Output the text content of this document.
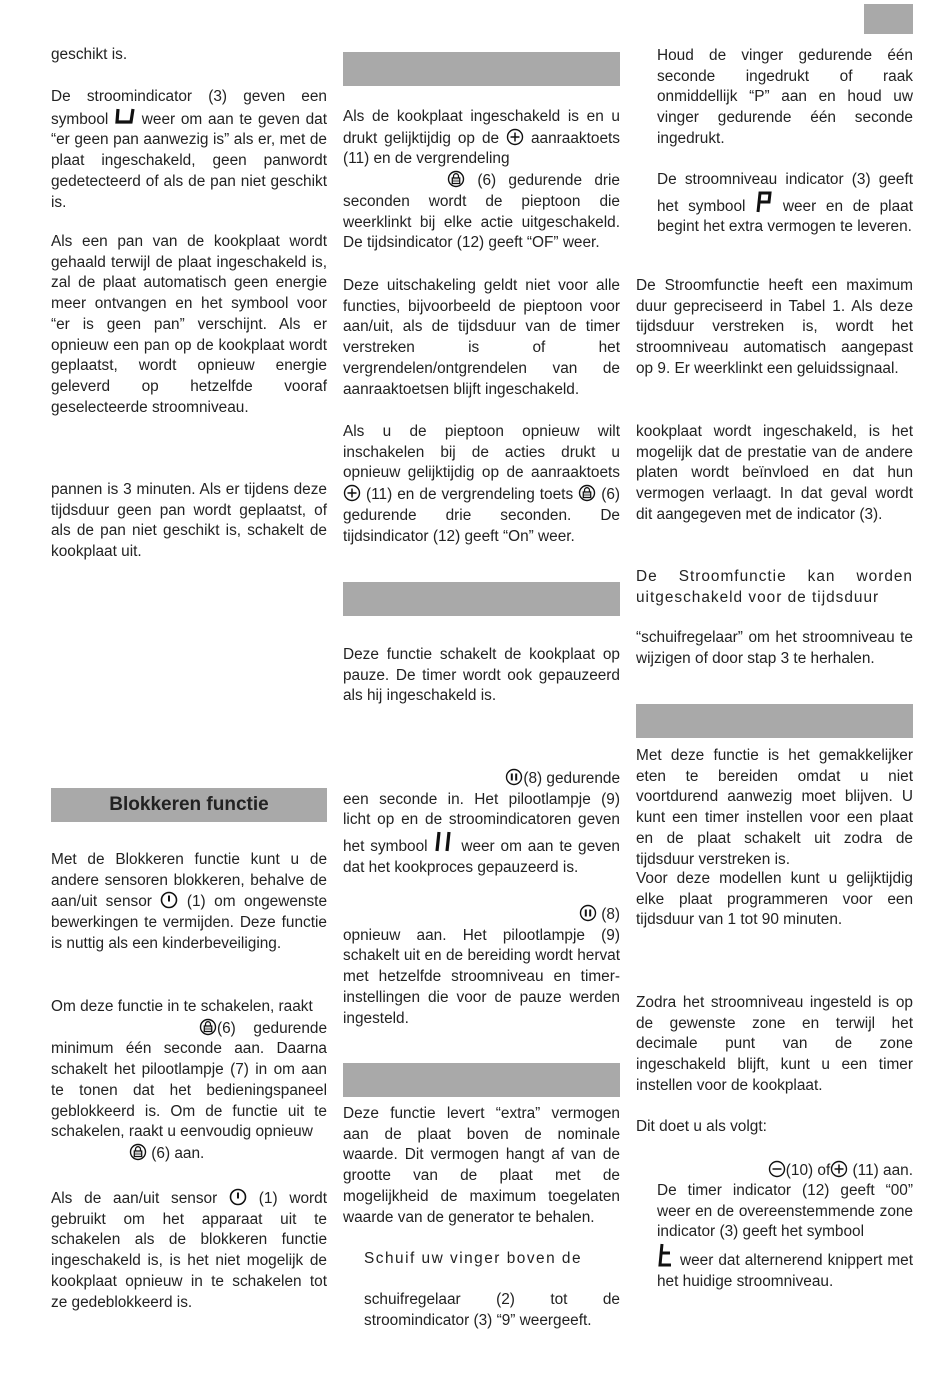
geschikt is.

De stroomindicator (3) geven een symbool weer om aan te geven dat “er geen pan aanwezig is” als er, met de plaat ingeschakeld, geen panwordt gedetecteerd of als de pan niet geschikt is.

Als een pan van de kookplaat wordt gehaald terwijl de plaat ingeschakeld is, zal de plaat automatisch geen energie meer ontvangen en het symbool voor “er is geen pan” verschijnt. Als er opnieuw een pan op de kookplaat wordt geplaatst, wordt opnieuw energie geleverd op hetzelfde vooraf geselecteerde stroomniveau.

pannen is 3 minuten. Als er tijdens deze tijdsduur geen pan wordt geplaatst, of als de pan niet geschikt is, schakelt de kookplaat uit.

Blokkeren functie

Met de Blokkeren functie kunt u de andere sensoren blokkeren, behalve de aan/uit sensor (1) om ongewenste bewerkingen te vermijden. Deze functie is nuttig als een kinderbeveiliging.

Om deze functie in te schakelen, raakt

(6) gedurende minimum één seconde aan. Daarna schakelt het pilootlampje (7) in om aan te tonen dat het bedieningspaneel geblokkeerd is. Om de functie uit te schakelen, raakt u eenvoudig opnieuw

(6) aan.

Als de aan/uit sensor	(1) wordt gebruikt om het apparaat uit te schakelen als de blokkeren functie ingeschakeld is, is het niet mogelijk de kookplaat opnieuw in te schakelen tot ze gedeblokkeerd is.

Als de kookplaat ingeschakeld is en u drukt gelijktijdig op de aanraaktoets (11) en de vergrendeling

(6) gedurende drie seconden wordt de pieptoon die weerklinkt bij elke actie uitgeschakeld. De tijdsindicator (12) geeft “OF” weer.

Deze uitschakeling geldt niet voor alle functies, bijvoorbeeld de pieptoon voor aan/uit, als de tijdsduur van de timer verstreken is of het vergrendelen/ontgrendelen van de aanraaktoetsen blijft ingeschakeld.

Als u de pieptoon opnieuw wilt inschakelen bij de acties drukt u opnieuw gelijktijdig op de aanraaktoets
(11) en de vergrendeling toets (6) gedurende drie seconden. De tijdsindicator (12) geeft “On” weer.

Deze functie schakelt de kookplaat op pauze. De timer wordt ook gepauzeerd als hij ingeschakeld is.

(8) gedurende
een seconde in. Het pilootlampje (9) licht op en de stroomindicatoren geven het symbool weer om aan te geven dat het kookproces gepauzeerd is.

(8)
opnieuw aan. Het pilootlampje (9) schakelt uit en de bereiding wordt hervat met hetzelfde stroomniveau en timer-instellingen die voor de pauze werden ingesteld.

Deze functie levert “extra” vermogen aan de plaat boven de nominale waarde. Dit vermogen hangt af van de grootte van de plaat met de mogelijkheid de maximum toegelaten waarde van de generator te behalen.

Schuif uw vinger boven de

schuifregelaar (2) tot de stroomindicator (3) “9” weergeeft.

Houd de vinger gedurende één seconde ingedrukt of raak onmiddellijk “P” aan en houd uw vinger gedurende één seconde ingedrukt.

De stroomniveau indicator (3) geeft het symbool weer en de plaat begint het extra vermogen te leveren.

De Stroomfunctie heeft een maximum duur gepreciseerd in Tabel 1. Als deze tijdsduur verstreken is, wordt het stroomniveau automatisch aangepast op 9. Er weerklinkt een geluidssignaal.

kookplaat wordt ingeschakeld, is het mogelijk dat de prestatie van de andere platen wordt beïnvloed en dat hun vermogen verlaagt. In dat geval wordt dit aangegeven met de indicator (3).

De Stroomfunctie kan worden uitgeschakeld voor de tijdsduur

“schuifregelaar” om het stroomniveau te wijzigen of door stap 3 te herhalen.

Met deze functie is het gemakkelijker eten te bereiden omdat u niet voortdurend aanwezig moet blijven. U kunt een timer instellen voor een plaat en de plaat schakelt uit zodra de tijdsduur verstreken is.

Voor deze modellen kunt u gelijktijdig elke plaat programmeren voor een tijdsduur van 1 tot 90 minuten.

Zodra het stroomniveau ingesteld is op de gewenste zone en terwijl het decimale punt van de zone ingeschakeld blijft, kunt u een timer instellen voor de kookplaat.

Dit doet u als volgt:

(10) of (11) aan.

De timer indicator (12) geeft “00” weer en de overeenstemmende zone indicator (3) geeft het symbool

weer dat alternerend knippert met het huidige stroomniveau.
